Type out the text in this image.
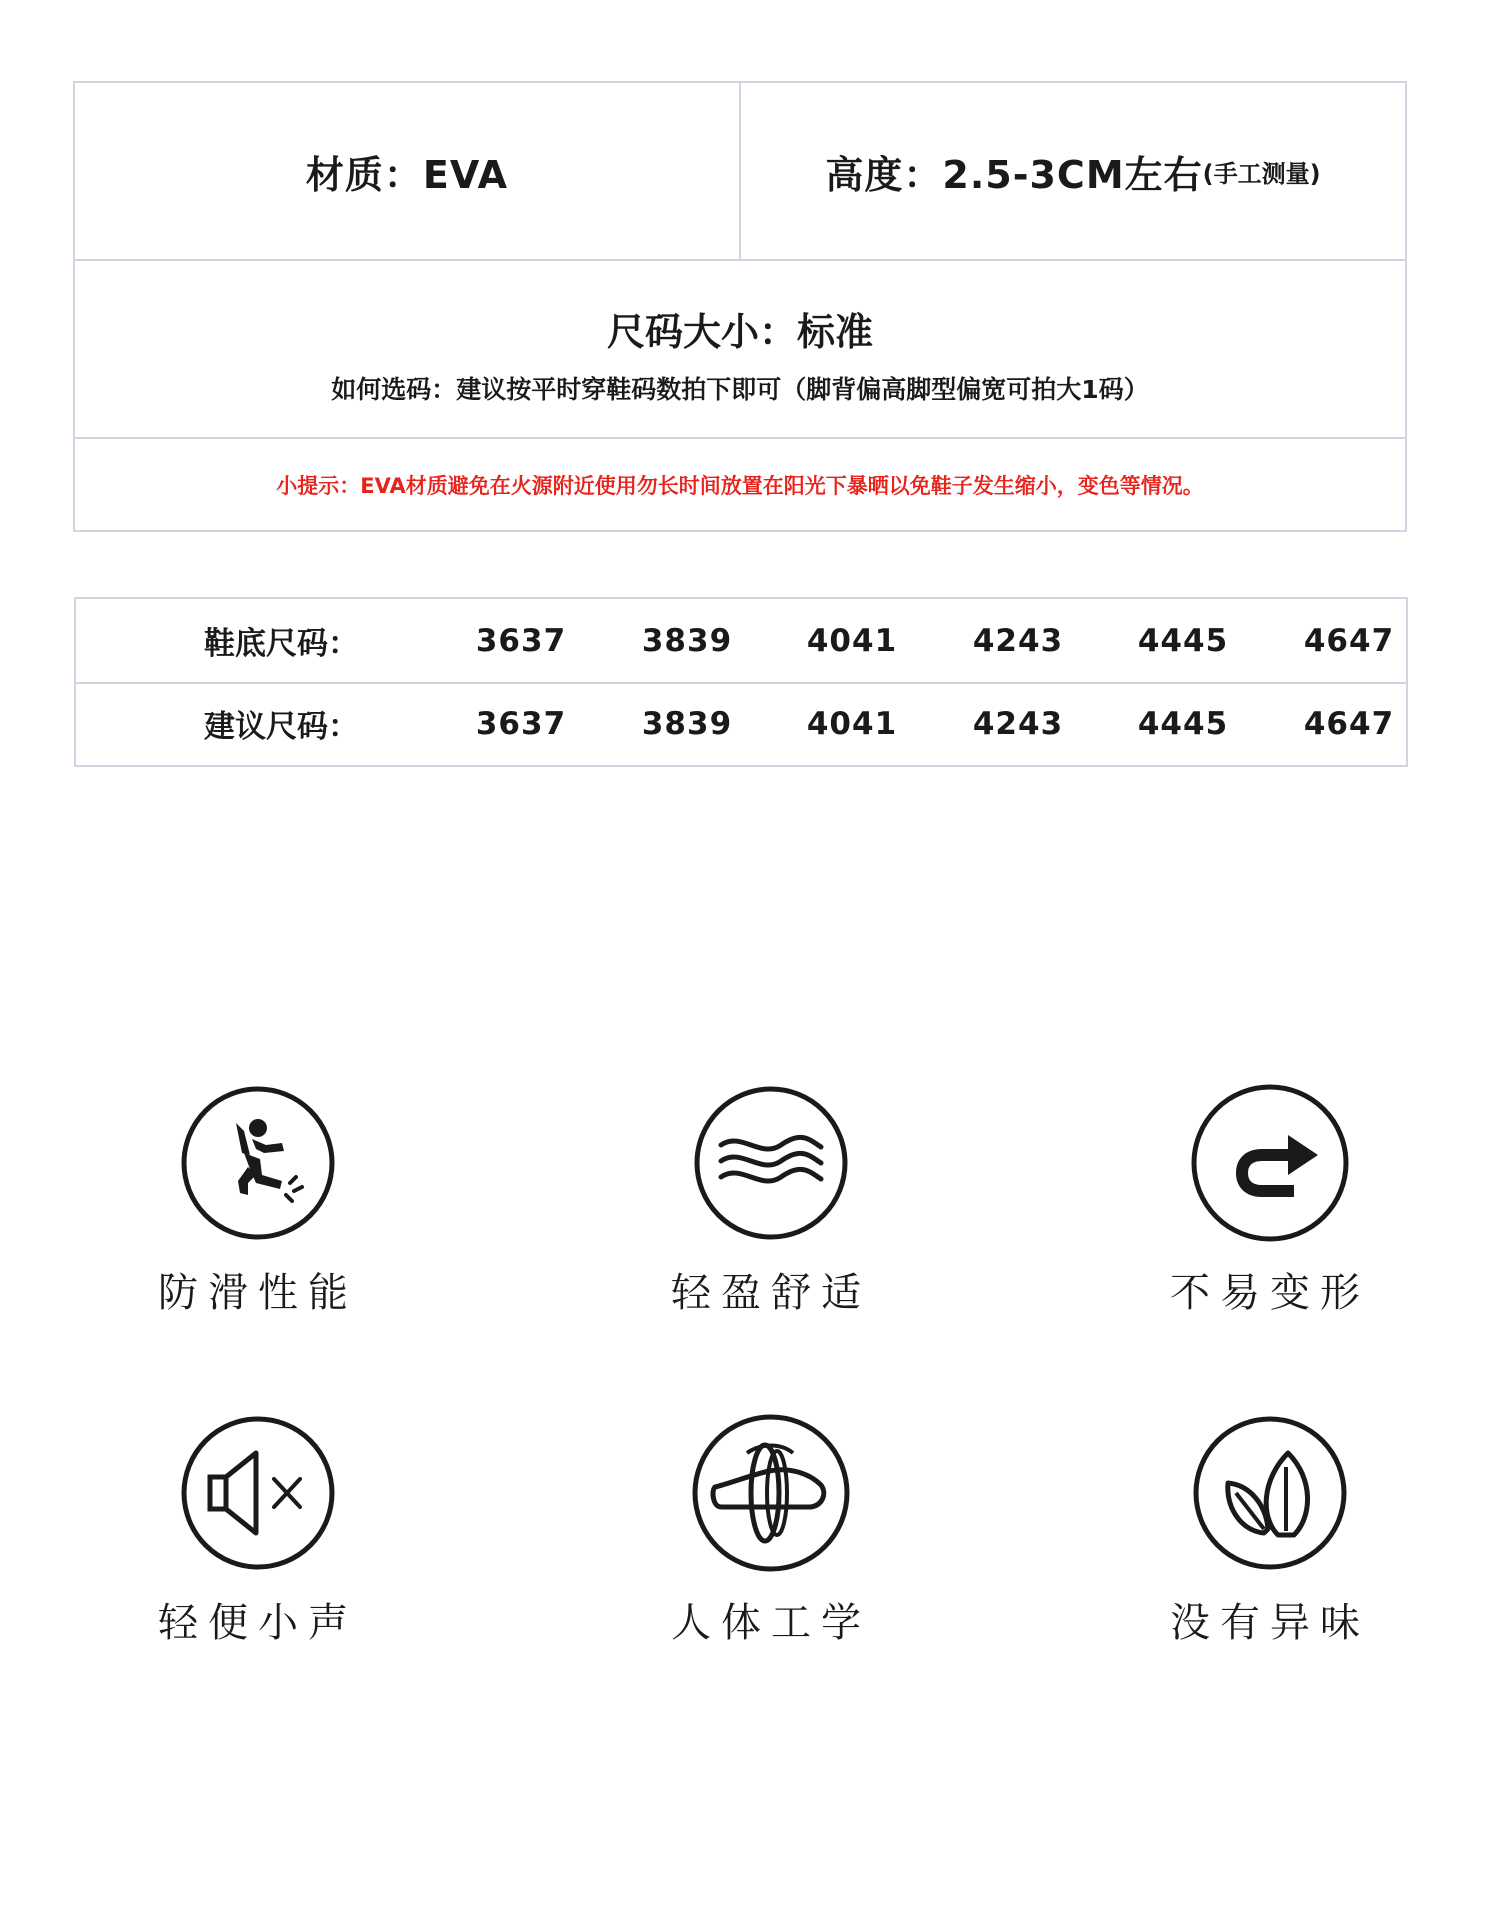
材质：EVA	高度：2.5-3CM左右 (手工测量)
尺码大小：标准
如何选码：建议按平时穿鞋码数拍下即可（脚背偏高脚型偏宽可拍大1码）
小提示：EVA材质避免在火源附近使用勿长时间放置在阳光下暴晒以免鞋子发生缩小，变色等情况。
鞋底尺码：	3637	3839	4041	4243	4445	4647
建议尺码：	3637	3839	4041	4243	4445	4647
防滑性能	轻盈舒适	不易变形
轻便小声	人体工学	没有异味
